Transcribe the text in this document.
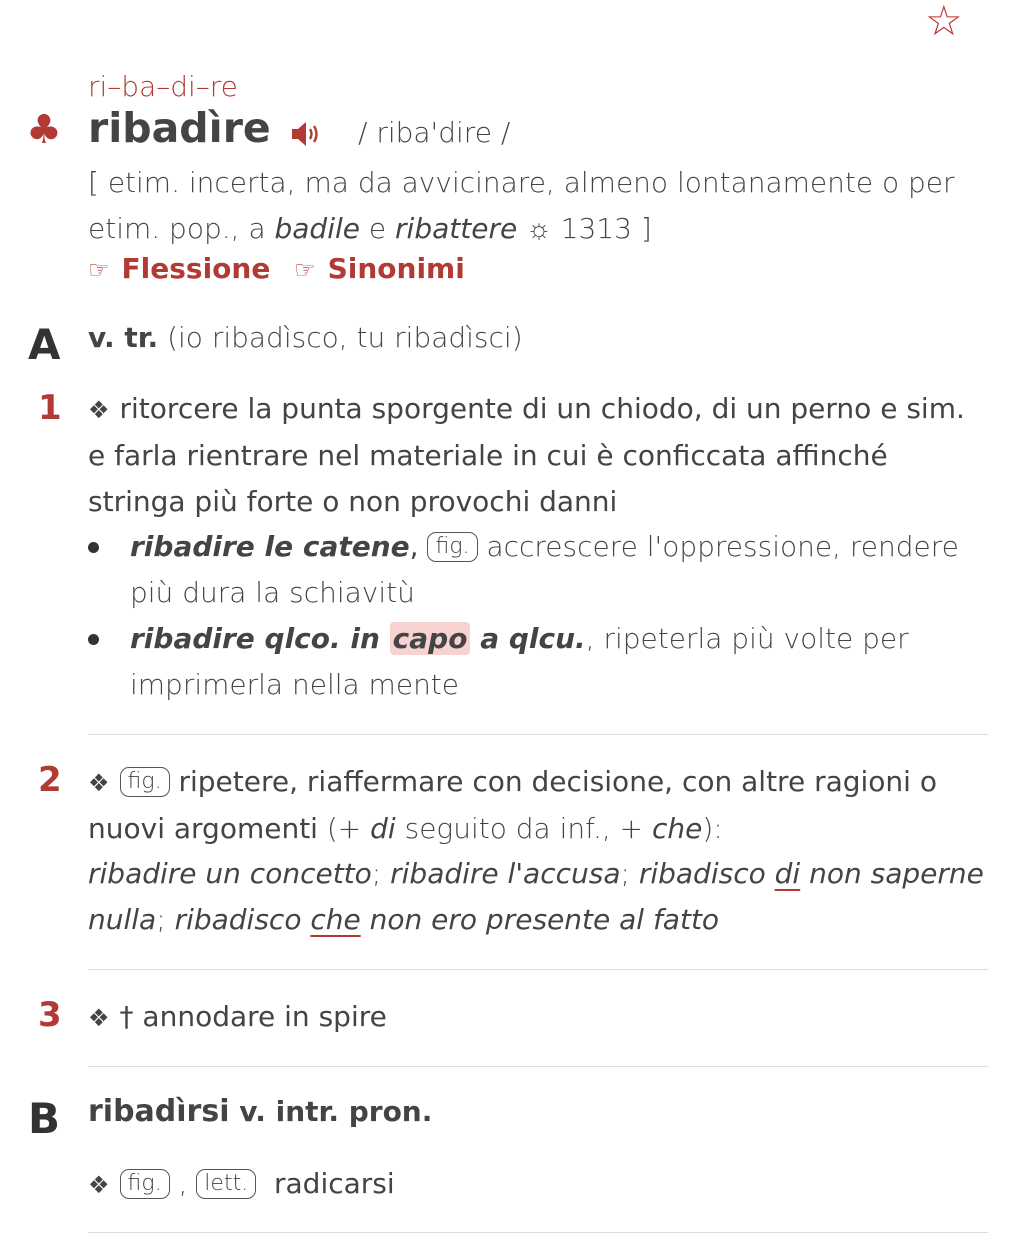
☆
ri–ba–di–re
♣ ribadìre	/ riba'dire /
[ etim. incerta, ma da avvicinare, almeno lontanamente o per etim. pop., a badile e ribattere ☼ 1313 ]
☞ Flessione ☞ Sinonimi
A v. tr. (io ribadìsco, tu ribadìsci)
1 ❖ ritorcere la punta sporgente di un chiodo, di un perno e sim. e farla rientrare nel materiale in cui è conficcata affinché stringa più forte o non provochi danni
ribadire le catene, fig. accrescere l'oppressione, rendere più dura la schiavitù
ribadire qlco. in capo a qlcu., ripeterla più volte per imprimerla nella mente
2 ❖ fig. ripetere, riaffermare con decisione, con altre ragioni o nuovi argomenti (+ di seguito da inf., + che):
ribadire un concetto; ribadire l'accusa; ribadisco di non saperne nulla; ribadisco che non ero presente al fatto
3 ❖ † annodare in spire
B ribadìrsi v. intr. pron.
❖ fig. , lett. radicarsi
